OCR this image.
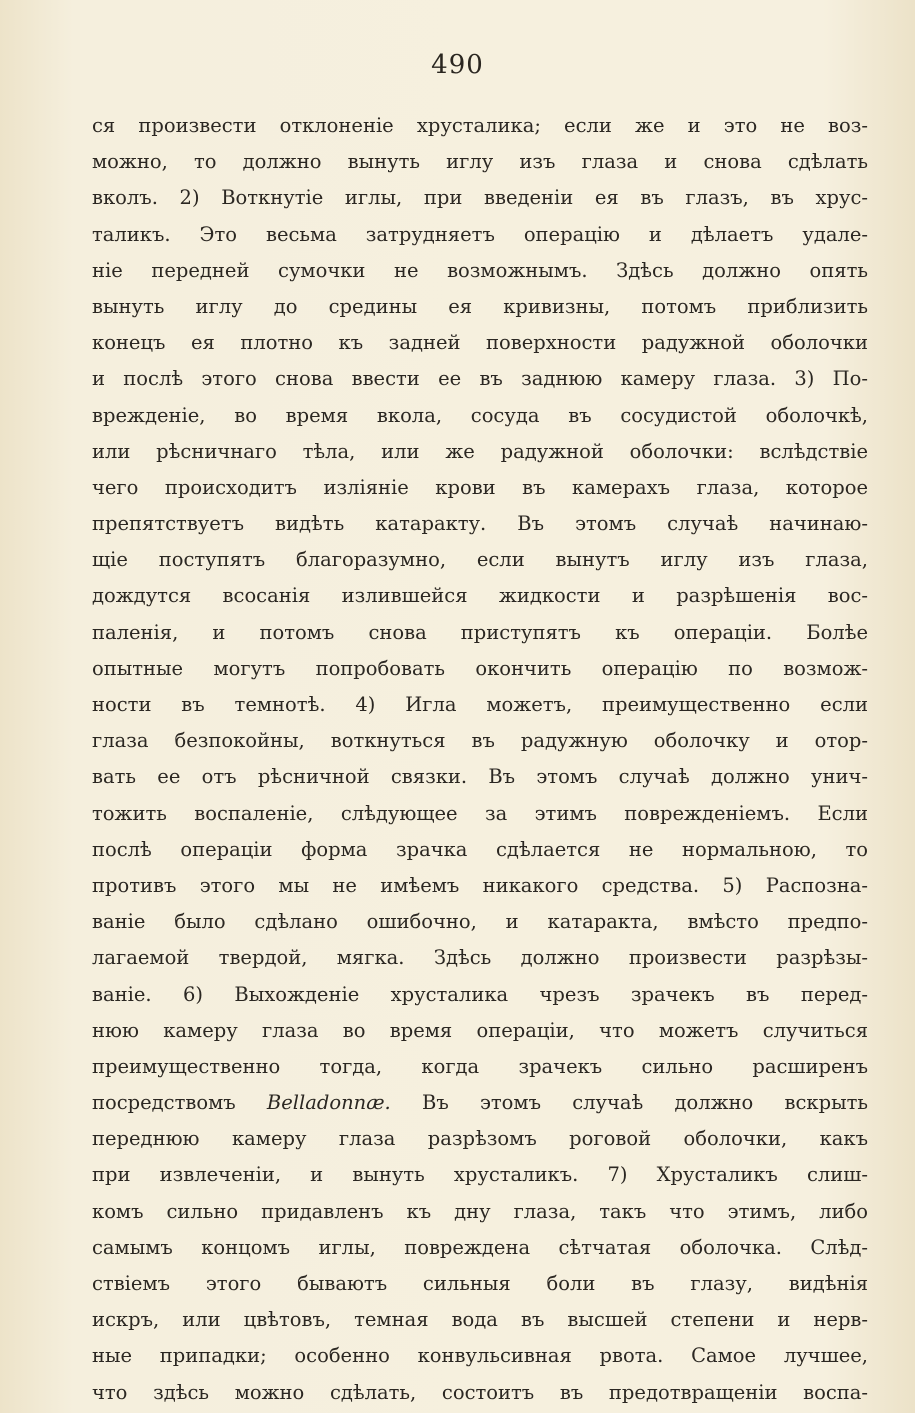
490
ся произвести отклоненіе хрусталика; если же и это не воз-
можно, то должно вынуть иглу изъ глаза и снова сдѣлать
вколъ. 2) Воткнутіе иглы, при введеніи ея въ глазъ, въ хрус-
таликъ. Это весьма затрудняетъ операцію и дѣлаетъ удале-
ніе передней сумочки не возможнымъ. Здѣсь должно опять
вынуть иглу до средины ея кривизны, потомъ приблизить
конецъ ея плотно къ задней поверхности радужной оболочки
и послѣ этого снова ввести ее въ заднюю камеру глаза. 3) По-
врежденіе, во время вкола, сосуда въ сосудистой оболочкѣ,
или рѣсничнаго тѣла, или же радужной оболочки: вслѣдствіе
чего происходитъ изліяніе крови въ камерахъ глаза, которое
препятствуетъ видѣть катаракту. Въ этомъ случаѣ начинаю-
щіе поступятъ благоразумно, если вынутъ иглу изъ глаза,
дождутся всосанія излившейся жидкости и разрѣшенія вос-
паленія, и потомъ снова приступятъ къ операціи. Болѣе
опытные могутъ попробовать окончить операцію по возмож-
ности въ темнотѣ. 4) Игла можетъ, преимущественно если
глаза безпокойны, воткнуться въ радужную оболочку и отор-
вать ее отъ рѣсничной связки. Въ этомъ случаѣ должно унич-
тожить воспаленіе, слѣдующее за этимъ поврежденіемъ. Если
послѣ операціи форма зрачка сдѣлается не нормальною, то
противъ этого мы не имѣемъ никакого средства. 5) Распозна-
ваніе было сдѣлано ошибочно, и катаракта, вмѣсто предпо-
лагаемой твердой, мягка. Здѣсь должно произвести разрѣзы-
ваніе. 6) Выхожденіе хрусталика чрезъ зрачекъ въ перед-
нюю камеру глаза во время операціи, что можетъ случиться
преимущественно тогда, когда зрачекъ сильно расширенъ
посредствомъ Belladonnæ. Въ этомъ случаѣ должно вскрыть
переднюю камеру глаза разрѣзомъ роговой оболочки, какъ
при извлеченіи, и вынуть хрусталикъ. 7) Хрусталикъ слиш-
комъ сильно придавленъ къ дну глаза, такъ что этимъ, либо
самымъ концомъ иглы, повреждена сѣтчатая оболочка. Слѣд-
ствіемъ этого бываютъ сильныя боли въ глазу, видѣнія
искръ, или цвѣтовъ, темная вода въ высшей степени и нерв-
ные припадки; особенно конвульсивная рвота. Самое лучшее,
что здѣсь можно сдѣлать, состоитъ въ предотвращеніи воспа-
